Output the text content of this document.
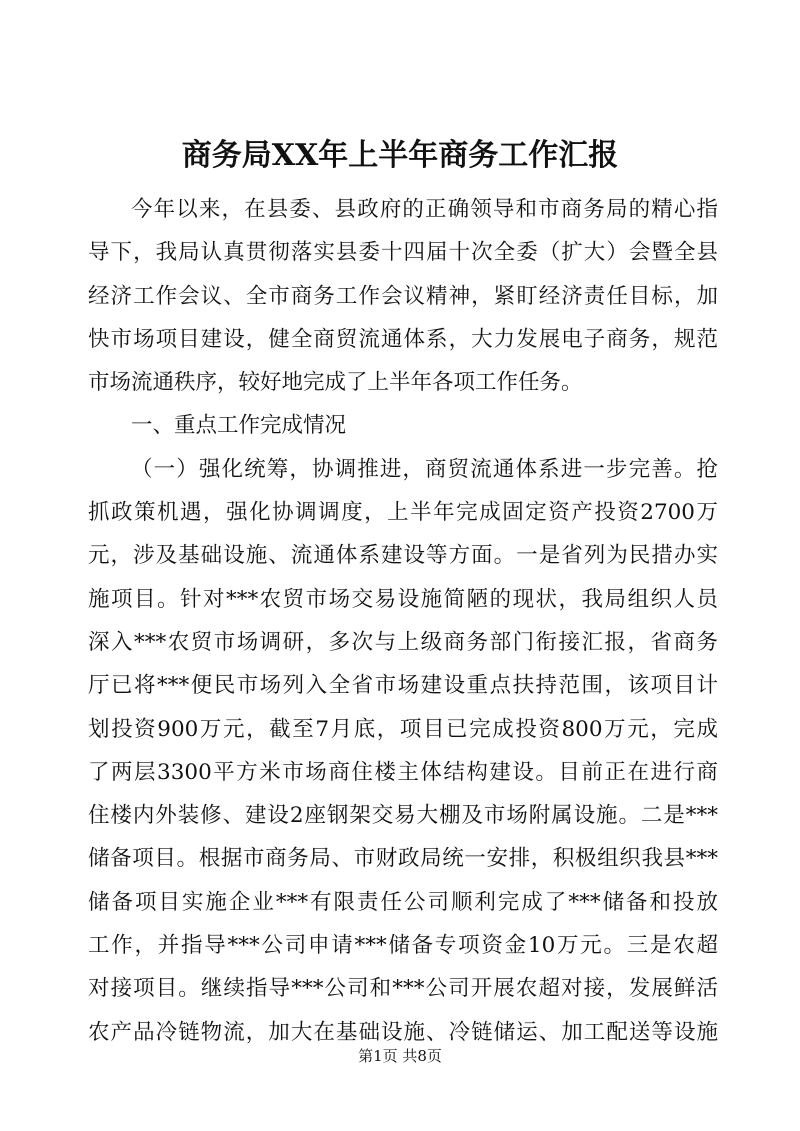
商务局XX年上半年商务工作汇报
今年以来，在县委、县政府的正确领导和市商务局的精心指
导下，我局认真贯彻落实县委十四届十次全委（扩大）会暨全县
经济工作会议、全市商务工作会议精神，紧盯经济责任目标，加
快市场项目建设，健全商贸流通体系，大力发展电子商务，规范
市场流通秩序，较好地完成了上半年各项工作任务。
一、重点工作完成情况
（一）强化统筹，协调推进，商贸流通体系进一步完善。抢
抓政策机遇，强化协调调度，上半年完成固定资产投资2700万
元，涉及基础设施、流通体系建设等方面。一是省列为民措办实
施项目。针对***农贸市场交易设施简陋的现状，我局组织人员
深入***农贸市场调研，多次与上级商务部门衔接汇报，省商务
厅已将***便民市场列入全省市场建设重点扶持范围，该项目计
划投资900万元，截至7月底，项目已完成投资800万元，完成
了两层3300平方米市场商住楼主体结构建设。目前正在进行商
住楼内外装修、建设2座钢架交易大棚及市场附属设施。二是***
储备项目。根据市商务局、市财政局统一安排，积极组织我县***
储备项目实施企业***有限责任公司顺利完成了***储备和投放
工作，并指导***公司申请***储备专项资金10万元。三是农超
对接项目。继续指导***公司和***公司开展农超对接，发展鲜活
农产品冷链物流，加大在基础设施、冷链储运、加工配送等设施
第1页 共8页
